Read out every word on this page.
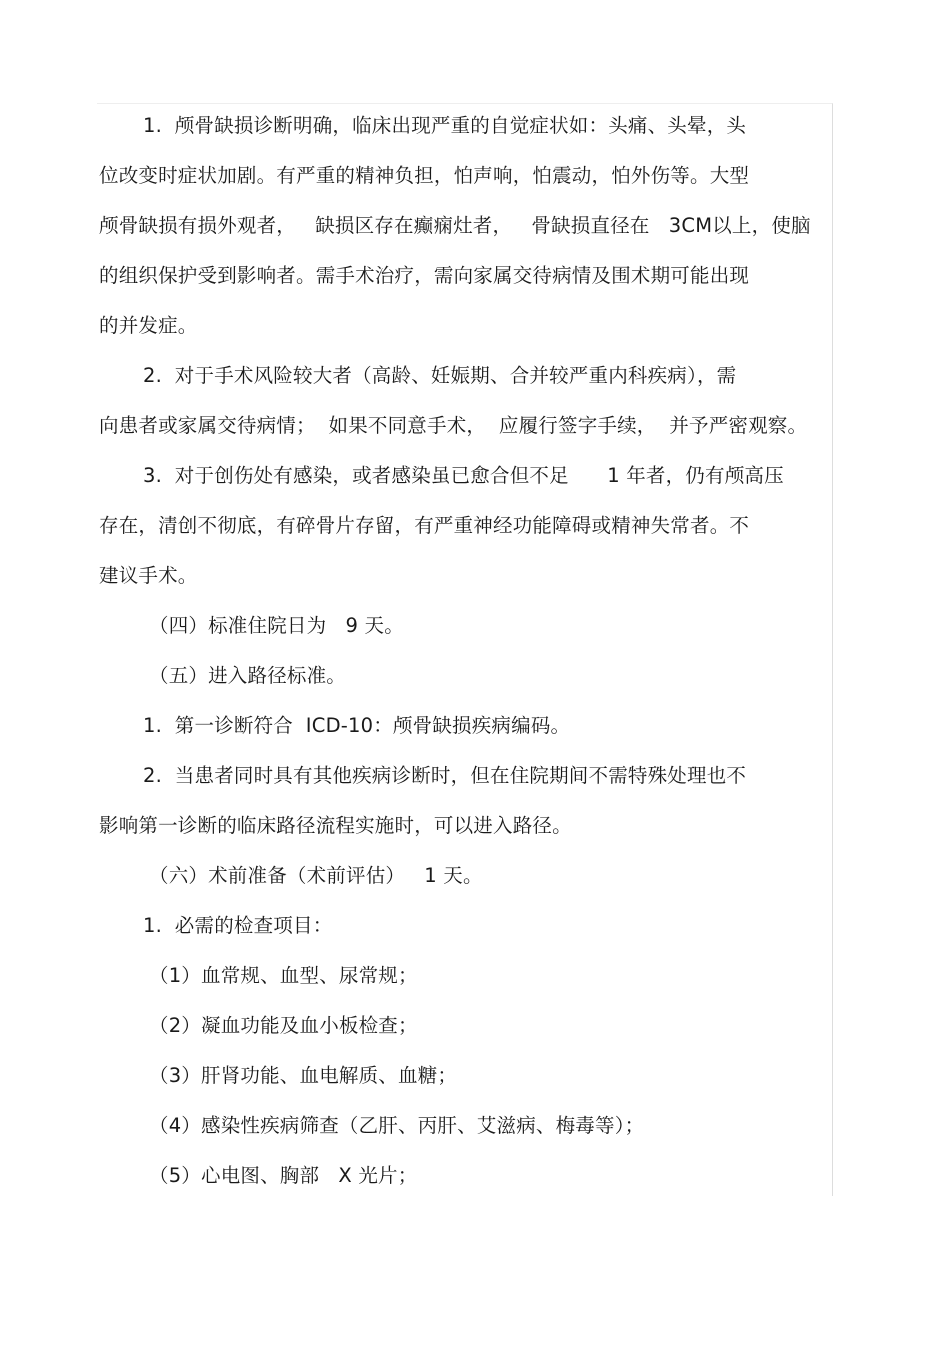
1.  颅骨缺损诊断明确，临床出现严重的自觉症状如：头痛、头晕，头
位改变时症状加剧。有严重的精神负担，怕声响，怕震动，怕外伤等。大型
颅骨缺损有损外观者，   缺损区存在癫痫灶者，   骨缺损直径在   3CM以上，使脑
的组织保护受到影响者。需手术治疗，需向家属交待病情及围术期可能出现
的并发症。
2.  对于手术风险较大者（高龄、妊娠期、合并较严重内科疾病），需
向患者或家属交待病情；  如果不同意手术，  应履行签字手续，  并予严密观察。
3.  对于创伤处有感染，或者感染虽已愈合但不足      1 年者，仍有颅高压
存在，清创不彻底，有碎骨片存留，有严重神经功能障碍或精神失常者。不
建议手术。
（四）标准住院日为   9 天。
（五）进入路径标准。
1.  第一诊断符合  ICD-10：颅骨缺损疾病编码。
2.  当患者同时具有其他疾病诊断时，但在住院期间不需特殊处理也不
影响第一诊断的临床路径流程实施时，可以进入路径。
（六）术前准备（术前评估）   1 天。
1.  必需的检查项目：
（1）血常规、血型、尿常规；
（2）凝血功能及血小板检查；
（3）肝肾功能、血电解质、血糖；
（4）感染性疾病筛查（乙肝、丙肝、艾滋病、梅毒等）；
（5）心电图、胸部   X 光片；
